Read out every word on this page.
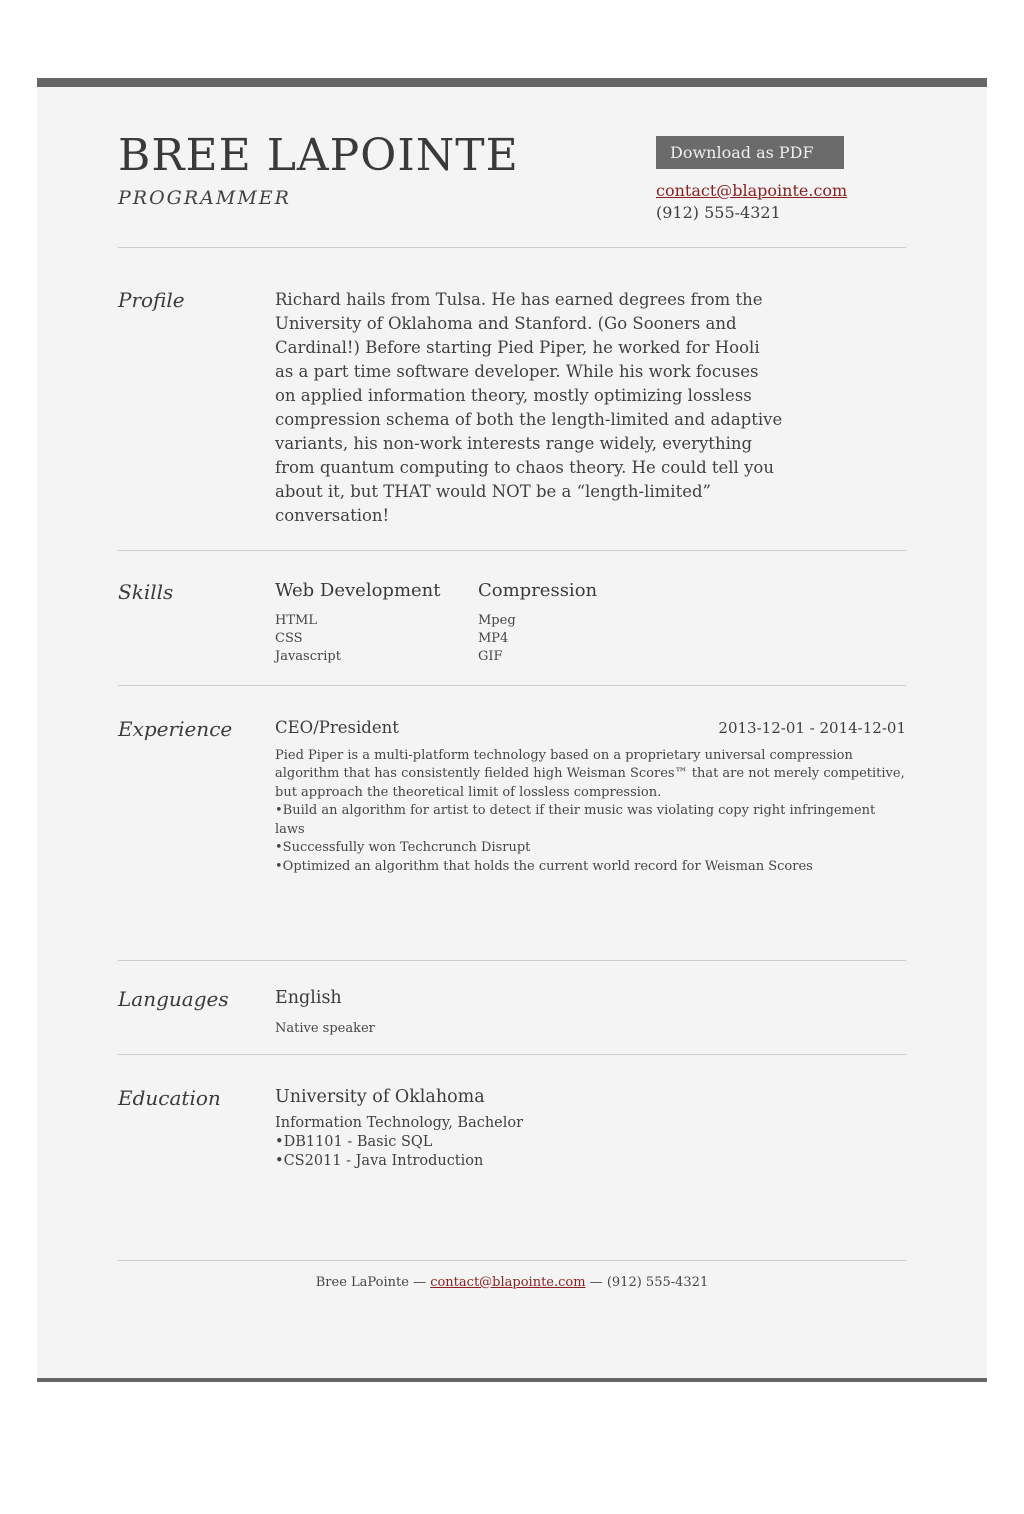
BREE LAPOINTE
PROGRAMMER
Download as PDF
contact@blapointe.com
(912) 555-4321
Profile	Richard hails from Tulsa. He has earned degrees from the University of Oklahoma and Stanford. (Go Sooners and Cardinal!) Before starting Pied Piper, he worked for Hooli as a part time software developer. While his work focuses on applied information theory, mostly optimizing lossless compression schema of both the length-limited and adaptive variants, his non-work interests range widely, everything from quantum computing to chaos theory. He could tell you about it, but THAT would NOT be a “length-limited” conversation!

Skills	Web Development
HTML
CSS
Javascript
Compression
Mpeg
MP4
GIF
Experience	CEO/President	2013-12-01 - 2014-12-01

Pied Piper is a multi-platform technology based on a proprietary universal compression algorithm that has consistently fielded high Weisman Scores™ that are not merely competitive, but approach the theoretical limit of lossless compression.

• Build an algorithm for artist to detect if their music was violating copy right infringement laws
• Successfully won Techcrunch Disrupt
• Optimized an algorithm that holds the current world record for Weisman Scores
Languages	English
Native speaker
Education	University of Oklahoma
Information Technology, Bachelor
• DB1101 - Basic SQL
• CS2011 - Java Introduction
Bree LaPointe — contact@blapointe.com — (912) 555-4321
